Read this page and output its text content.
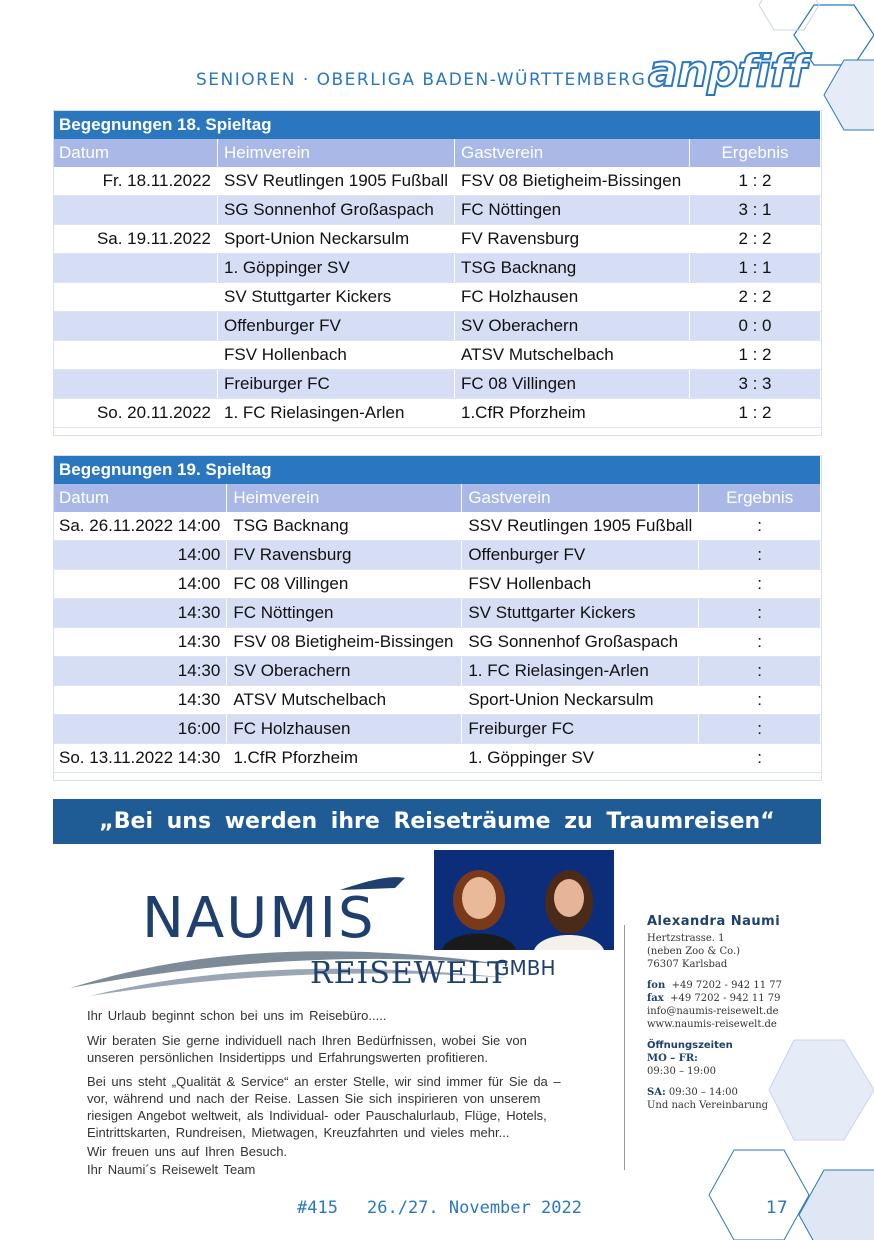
SENIOREN · OBERLIGA BADEN-WÜRTTEMBERG anpfiff
Begegnungen 18. Spieltag			
Datum	Heimverein	Gastverein	Ergebnis
Fr. 18.11.2022	SSV Reutlingen 1905 Fußball	FSV 08 Bietigheim-Bissingen	1 : 2
	SG Sonnenhof Großaspach	FC Nöttingen	3 : 1
Sa. 19.11.2022	Sport-Union Neckarsulm	FV Ravensburg	2 : 2
	1. Göppinger SV	TSG Backnang	1 : 1
	SV Stuttgarter Kickers	FC Holzhausen	2 : 2
	Offenburger FV	SV Oberachern	0 : 0
	FSV Hollenbach	ATSV Mutschelbach	1 : 2
	Freiburger FC	FC 08 Villingen	3 : 3
So. 20.11.2022	1. FC Rielasingen-Arlen	1.CfR Pforzheim	1 : 2
Begegnungen 19. Spieltag			
Datum	Heimverein	Gastverein	Ergebnis
Sa. 26.11.2022 14:00	TSG Backnang	SSV Reutlingen 1905 Fußball	:
14:00	FV Ravensburg	Offenburger FV	:
14:00	FC 08 Villingen	FSV Hollenbach	:
14:30	FC Nöttingen	SV Stuttgarter Kickers	:
14:30	FSV 08 Bietigheim-Bissingen	SG Sonnenhof Großaspach	:
14:30	SV Oberachern	1. FC Rielasingen-Arlen	:
14:30	ATSV Mutschelbach	Sport-Union Neckarsulm	:
16:00	FC Holzhausen	Freiburger FC	:
So. 13.11.2022 14:30	1.CfR Pforzheim	1. Göppinger SV	:
„Bei uns werden ihre Reiseträume zu Traumreisen“
NAUMIS
REISEWELT
GMBH
Ihr Urlaub beginnt schon bei uns im Reisebüro.....
Wir beraten Sie gerne individuell nach Ihren Bedürfnissen, wobei Sie von unseren persönlichen Insidertipps und Erfahrungswerten profitieren.
Bei uns steht „Qualität & Service“ an erster Stelle, wir sind immer für Sie da – vor, während und nach der Reise. Lassen Sie sich inspirieren von unserem riesigen Angebot weltweit, als Individual- oder Pauschalurlaub, Flüge, Hotels, Eintrittskarten, Rundreisen, Mietwagen, Kreuzfahrten und vieles mehr...
Wir freuen uns auf Ihren Besuch.
Ihr Naumi´s Reisewelt Team
Alexandra Naumi
Hertzstrasse. 1
(neben Zoo & Co.)
76307 Karlsbad
fon +49 7202 - 942 11 77
fax +49 7202 - 942 11 79
info@naumis-reisewelt.de
www.naumis-reisewelt.de
Öffnungszeiten
MO – FR:
09:30 – 19:00
SA: 09:30 – 14:00
Und nach Vereinbarung
#415 26./27. November 2022	17
